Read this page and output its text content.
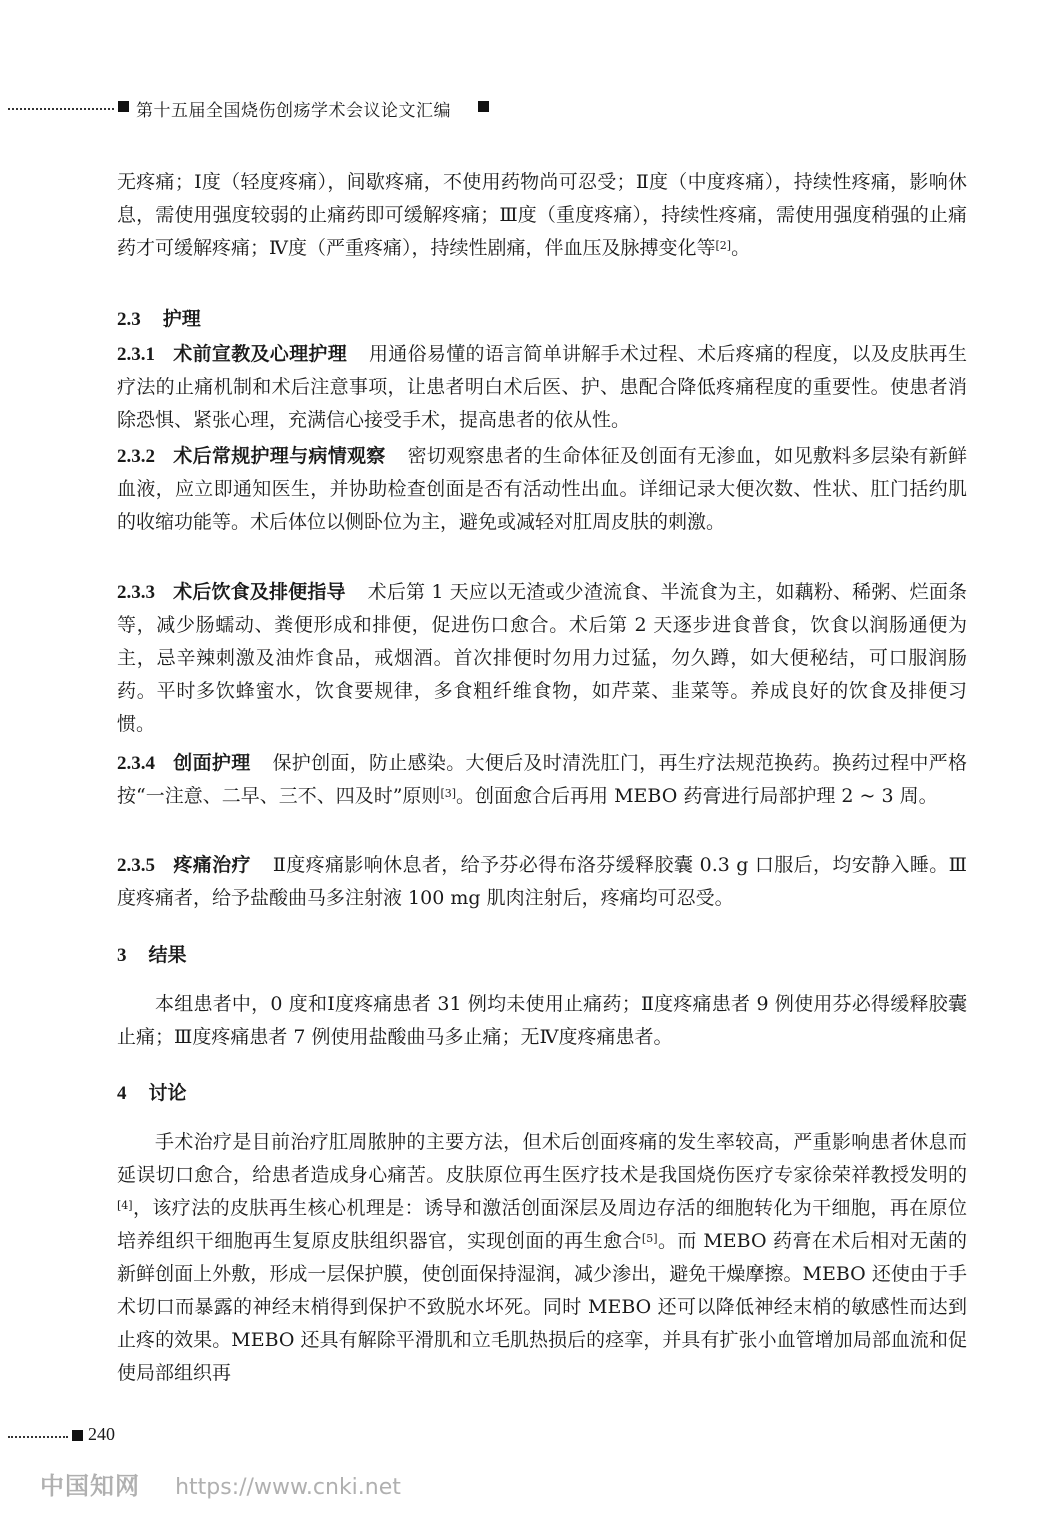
第十五届全国烧伤创疡学术会议论文汇编

无疼痛；Ⅰ度（轻度疼痛），间歇疼痛，不使用药物尚可忍受；Ⅱ度（中度疼痛），持续性疼痛，影响休息，需使用强度较弱的止痛药即可缓解疼痛；Ⅲ度（重度疼痛），持续性疼痛，需使用强度稍强的止痛药才可缓解疼痛；Ⅳ度（严重疼痛），持续性剧痛，伴血压及脉搏变化等[2]。

2.3 护理

2.3.1 术前宣教及心理护理 用通俗易懂的语言简单讲解手术过程、术后疼痛的程度，以及皮肤再生疗法的止痛机制和术后注意事项，让患者明白术后医、护、患配合降低疼痛程度的重要性。使患者消除恐惧、紧张心理，充满信心接受手术，提高患者的依从性。

2.3.2 术后常规护理与病情观察 密切观察患者的生命体征及创面有无渗血，如见敷料多层染有新鲜血液，应立即通知医生，并协助检查创面是否有活动性出血。详细记录大便次数、性状、肛门括约肌的收缩功能等。术后体位以侧卧位为主，避免或减轻对肛周皮肤的刺激。

2.3.3 术后饮食及排便指导 术后第 1 天应以无渣或少渣流食、半流食为主，如藕粉、稀粥、烂面条等，减少肠蠕动、粪便形成和排便，促进伤口愈合。术后第 2 天逐步进食普食，饮食以润肠通便为主，忌辛辣刺激及油炸食品，戒烟酒。首次排便时勿用力过猛，勿久蹲，如大便秘结，可口服润肠药。平时多饮蜂蜜水，饮食要规律，多食粗纤维食物，如芹菜、韭菜等。养成良好的饮食及排便习惯。

2.3.4 创面护理 保护创面，防止感染。大便后及时清洗肛门，再生疗法规范换药。换药过程中严格按“一注意、二早、三不、四及时”原则[3]。创面愈合后再用 MEBO 药膏进行局部护理 2 ~ 3 周。

2.3.5 疼痛治疗 Ⅱ度疼痛影响休息者，给予芬必得布洛芬缓释胶囊 0.3 g 口服后，均安静入睡。Ⅲ度疼痛者，给予盐酸曲马多注射液 100 mg 肌肉注射后，疼痛均可忍受。

3 结果

本组患者中，0 度和Ⅰ度疼痛患者 31 例均未使用止痛药；Ⅱ度疼痛患者 9 例使用芬必得缓释胶囊止痛；Ⅲ度疼痛患者 7 例使用盐酸曲马多止痛；无Ⅳ度疼痛患者。

4 讨论

手术治疗是目前治疗肛周脓肿的主要方法，但术后创面疼痛的发生率较高，严重影响患者休息而延误切口愈合，给患者造成身心痛苦。皮肤原位再生医疗技术是我国烧伤医疗专家徐荣祥教授发明的[4]，该疗法的皮肤再生核心机理是：诱导和激活创面深层及周边存活的细胞转化为干细胞，再在原位培养组织干细胞再生复原皮肤组织器官，实现创面的再生愈合[5]。而 MEBO 药膏在术后相对无菌的新鲜创面上外敷，形成一层保护膜，使创面保持湿润，减少渗出，避免干燥摩擦。MEBO 还使由于手术切口而暴露的神经末梢得到保护不致脱水坏死。同时 MEBO 还可以降低神经末梢的敏感性而达到止疼的效果。MEBO 还具有解除平滑肌和立毛肌热损后的痉挛，并具有扩张小血管增加局部血流和促使局部组织再

240
中国知网 https://www.cnki.net
